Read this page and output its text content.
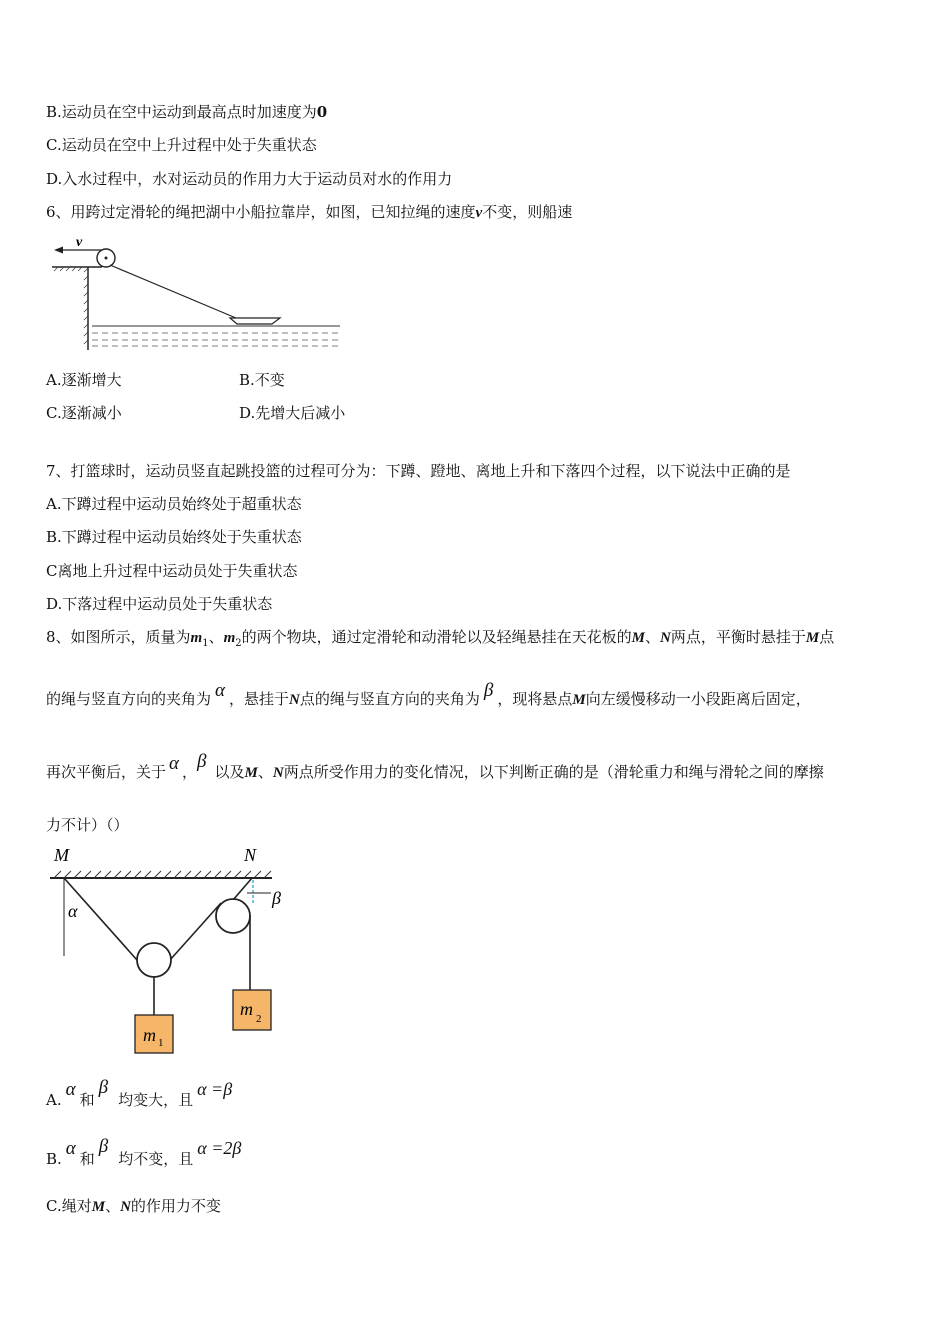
B.运动员在空中运动到最高点时加速度为0
C.运动员在空中上升过程中处于失重状态
D.入水过程中，水对运动员的作用力大于运动员对水的作用力
6、用跨过定滑轮的绳把湖中小船拉靠岸，如图，已知拉绳的速度v不变，则船速
v
A.逐渐增大	B.不变
C.逐渐减小	D.先增大后减小
7、打篮球时，运动员竖直起跳投篮的过程可分为：下蹲、蹬地、离地上升和下落四个过程，以下说法中正确的是
A.下蹲过程中运动员始终处于超重状态
B.下蹲过程中运动员始终处于失重状态
C离地上升过程中运动员处于失重状态
D.下落过程中运动员处于失重状态
8、如图所示，质量为$m_1$、$m_2$的两个物块，通过定滑轮和动滑轮以及轻绳悬挂在天花板的M、N两点，平衡时悬挂于M点
的绳与竖直方向的夹角为 α ，悬挂于N点的绳与竖直方向的夹角为 β ，现将悬点M向左缓慢移动一小段距离后固定，
再次平衡后，关于 α ，β 以及M、N两点所受作用力的变化情况，以下判断正确的是（滑轮重力和绳与滑轮之间的摩擦
力不计）（）
M	N
α
β
m 1
m 2
A. α 和β均变大，且α =β
B. α 和β均不变，且α =2β
C.绳对M、N的作用力不变
